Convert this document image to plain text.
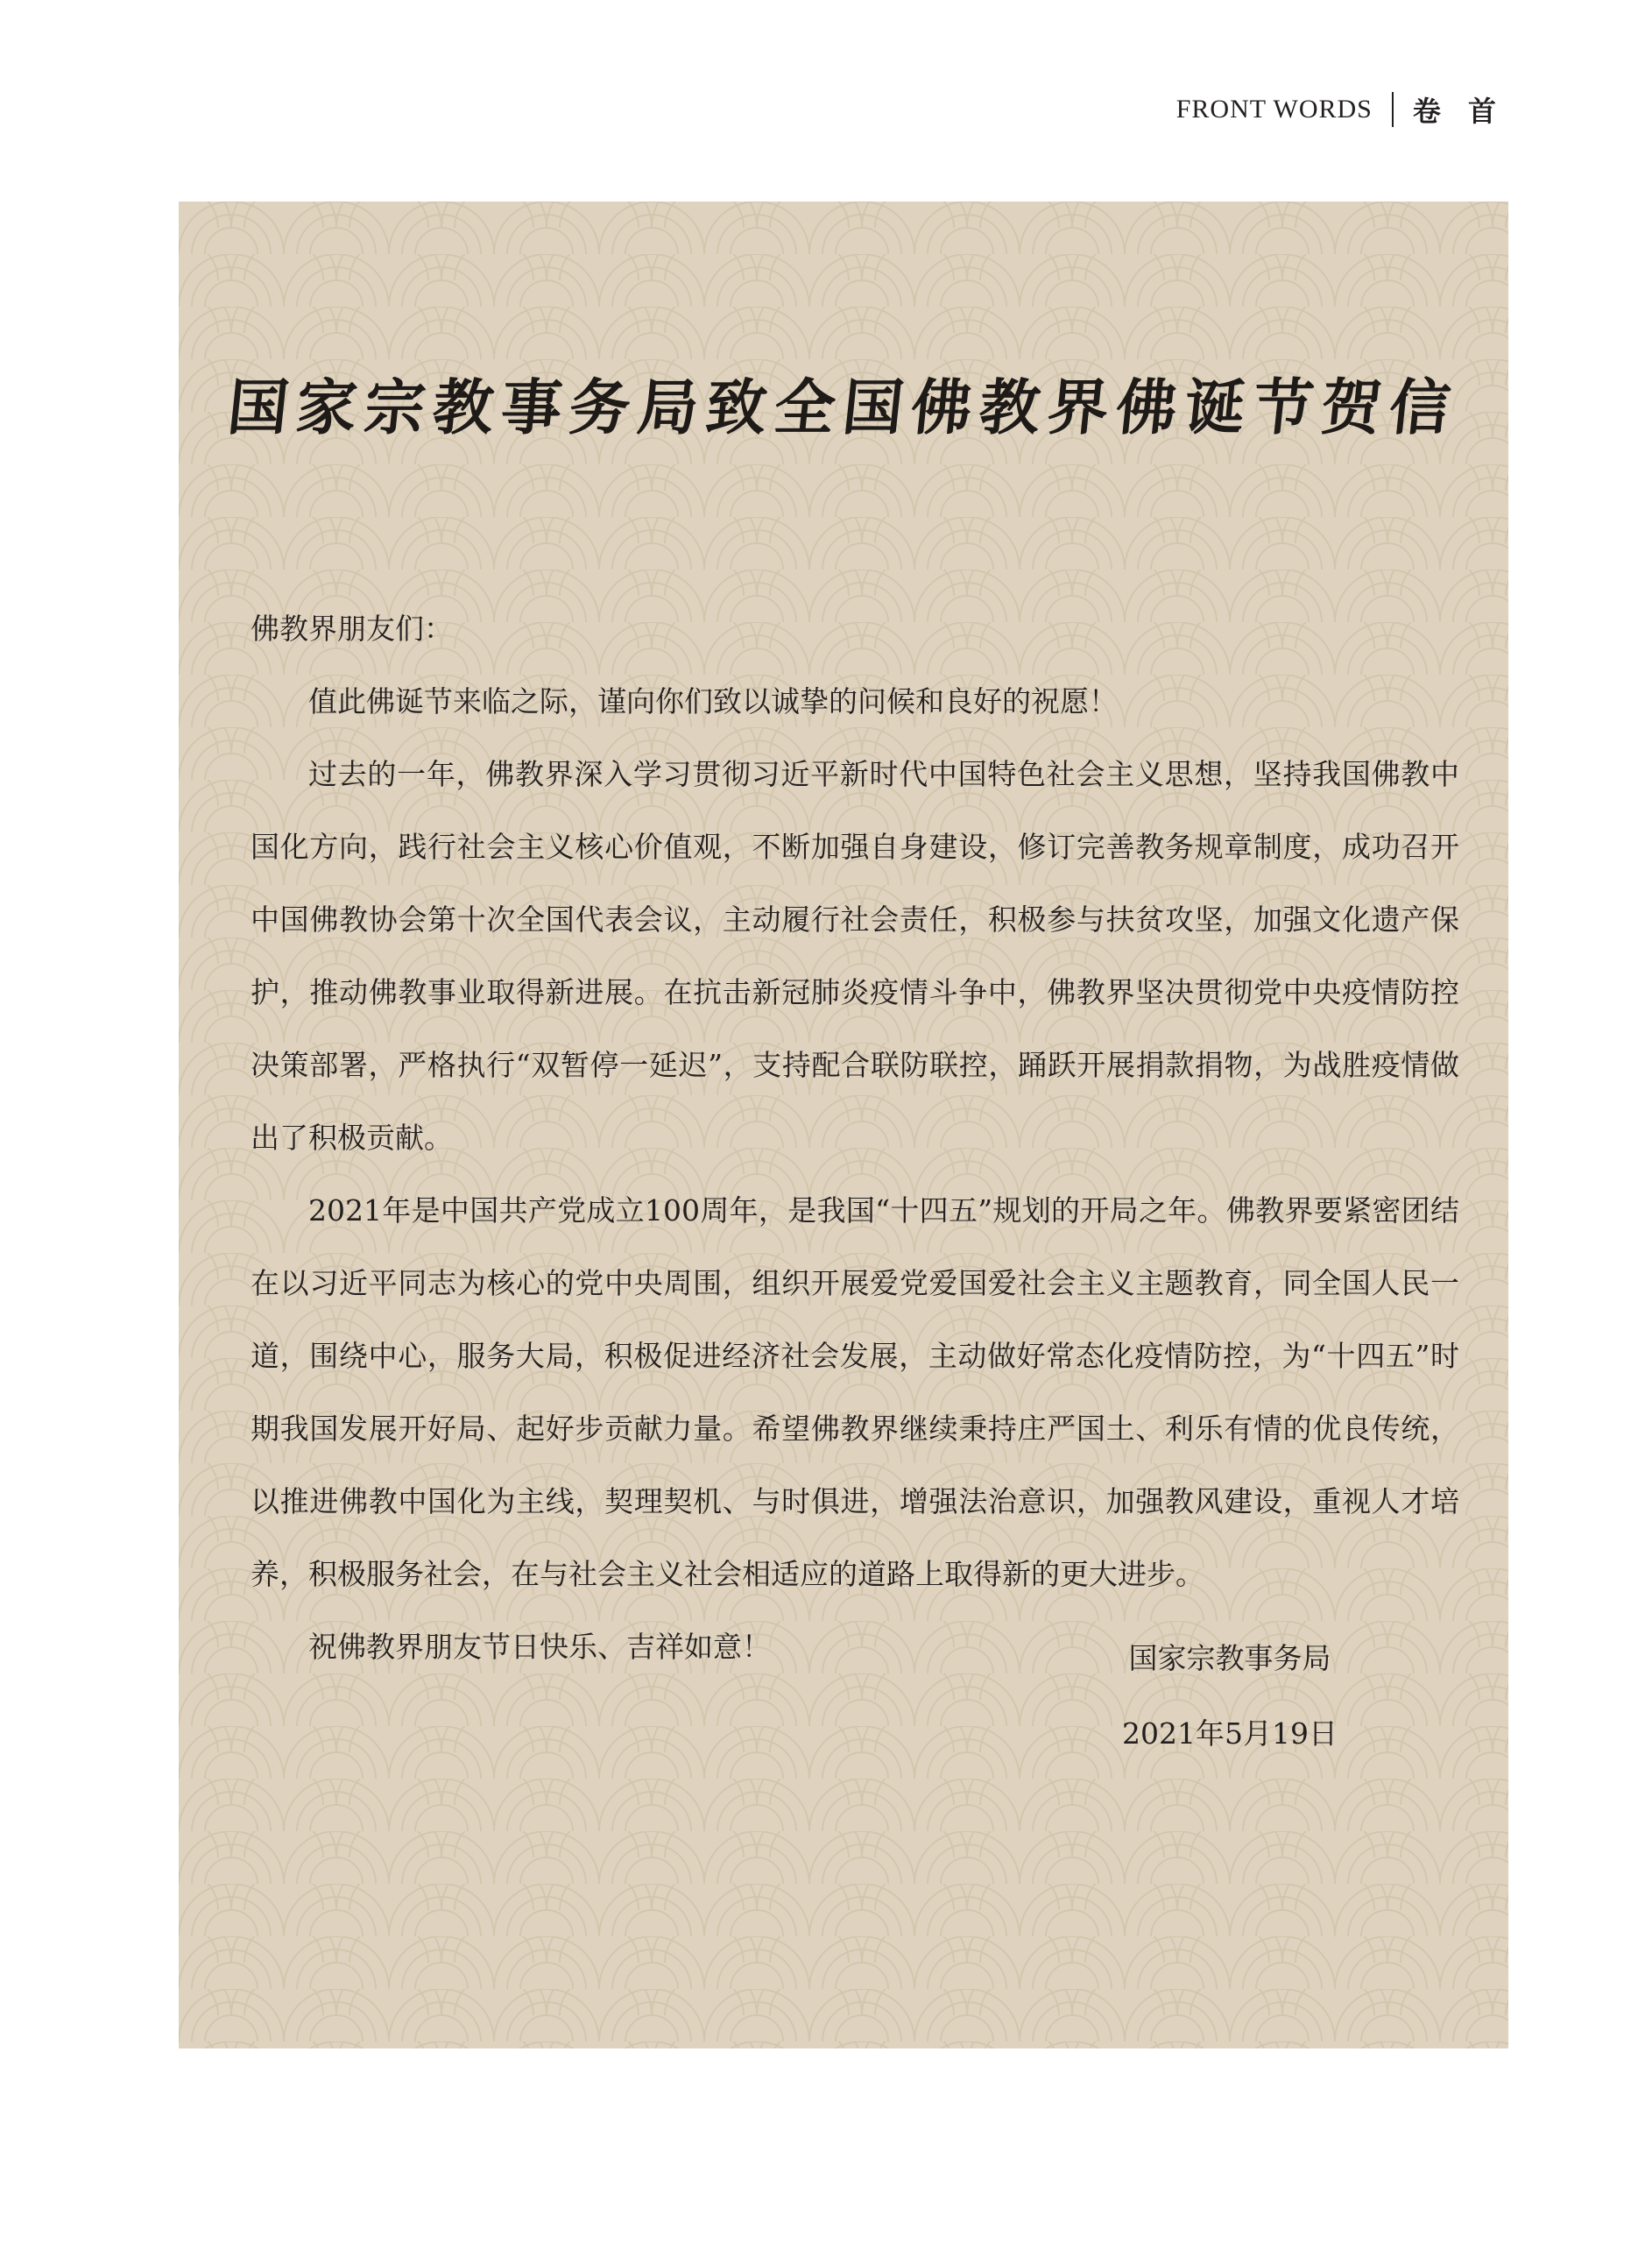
FRONT WORDS 卷 首
国家宗教事务局致全国佛教界佛诞节贺信

佛教界朋友们：

值此佛诞节来临之际，谨向你们致以诚挚的问候和良好的祝愿！

过去的一年，佛教界深入学习贯彻习近平新时代中国特色社会主义思想，坚持我国佛教中国化方向，践行社会主义核心价值观，不断加强自身建设，修订完善教务规章制度，成功召开中国佛教协会第十次全国代表会议，主动履行社会责任，积极参与扶贫攻坚，加强文化遗产保护，推动佛教事业取得新进展。在抗击新冠肺炎疫情斗争中，佛教界坚决贯彻党中央疫情防控决策部署，严格执行“双暂停一延迟”，支持配合联防联控，踊跃开展捐款捐物，为战胜疫情做出了积极贡献。

2021年是中国共产党成立100周年，是我国“十四五”规划的开局之年。佛教界要紧密团结在以习近平同志为核心的党中央周围，组织开展爱党爱国爱社会主义主题教育，同全国人民一道，围绕中心，服务大局，积极促进经济社会发展，主动做好常态化疫情防控，为“十四五”时期我国发展开好局、起好步贡献力量。希望佛教界继续秉持庄严国土、利乐有情的优良传统，以推进佛教中国化为主线，契理契机、与时俱进，增强法治意识，加强教风建设，重视人才培养，积极服务社会，在与社会主义社会相适应的道路上取得新的更大进步。

祝佛教界朋友节日快乐、吉祥如意！	国家宗教事务局
2021年5月19日
